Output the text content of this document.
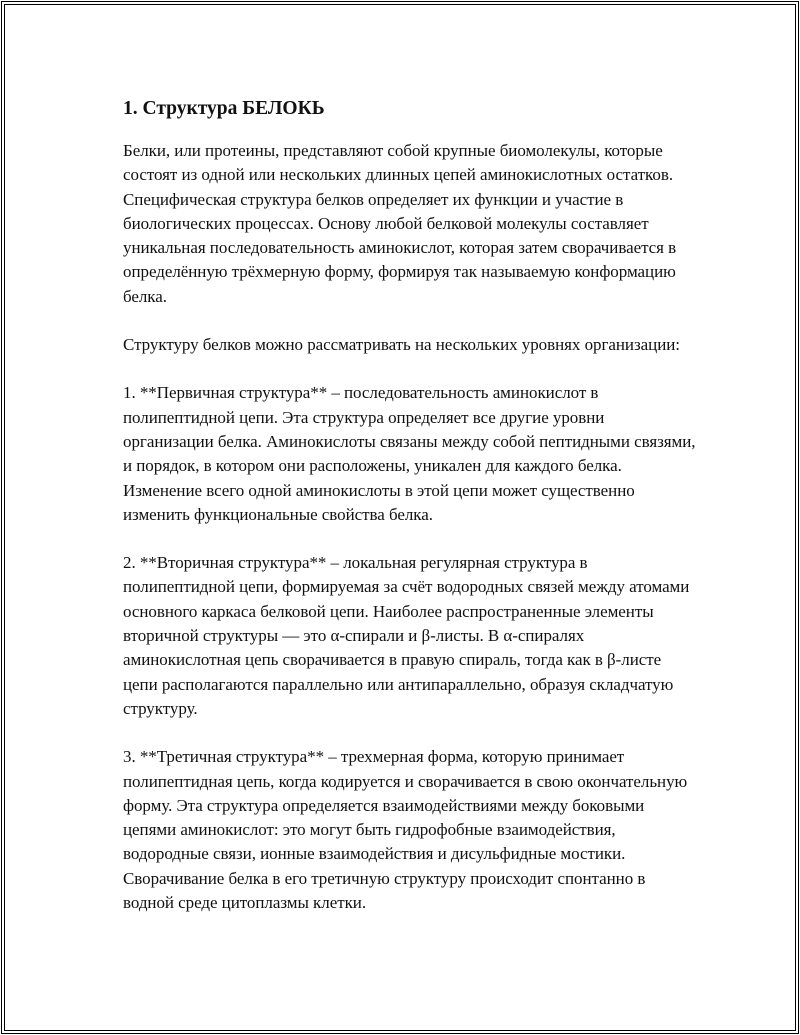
1. Структура БЕЛОКЬ

Белки, или протеины, представляют собой крупные биомолекулы, которые состоят из одной или нескольких длинных цепей аминокислотных остатков. Специфическая структура белков определяет их функции и участие в биологических процессах. Основу любой белковой молекулы составляет уникальная последовательность аминокислот, которая затем сворачивается в определённую трёхмерную форму, формируя так называемую конформацию белка.

Структуру белков можно рассматривать на нескольких уровнях организации:

1. **Первичная структура** – последовательность аминокислот в полипептидной цепи. Эта структура определяет все другие уровни организации белка. Аминокислоты связаны между собой пептидными связями, и порядок, в котором они расположены, уникален для каждого белка. Изменение всего одной аминокислоты в этой цепи может существенно изменить функциональные свойства белка.

2. **Вторичная структура** – локальная регулярная структура в полипептидной цепи, формируемая за счёт водородных связей между атомами основного каркаса белковой цепи. Наиболее распространенные элементы вторичной структуры — это α-спирали и β-листы. В α-спиралях аминокислотная цепь сворачивается в правую спираль, тогда как в β-листе цепи располагаются параллельно или антипараллельно, образуя складчатую структуру.

3. **Третичная структура** – трехмерная форма, которую принимает полипептидная цепь, когда кодируется и сворачивается в свою окончательную форму. Эта структура определяется взаимодействиями между боковыми цепями аминокислот: это могут быть гидрофобные взаимодействия, водородные связи, ионные взаимодействия и дисульфидные мостики. Сворачивание белка в его третичную структуру происходит спонтанно в водной среде цитоплазмы клетки.
